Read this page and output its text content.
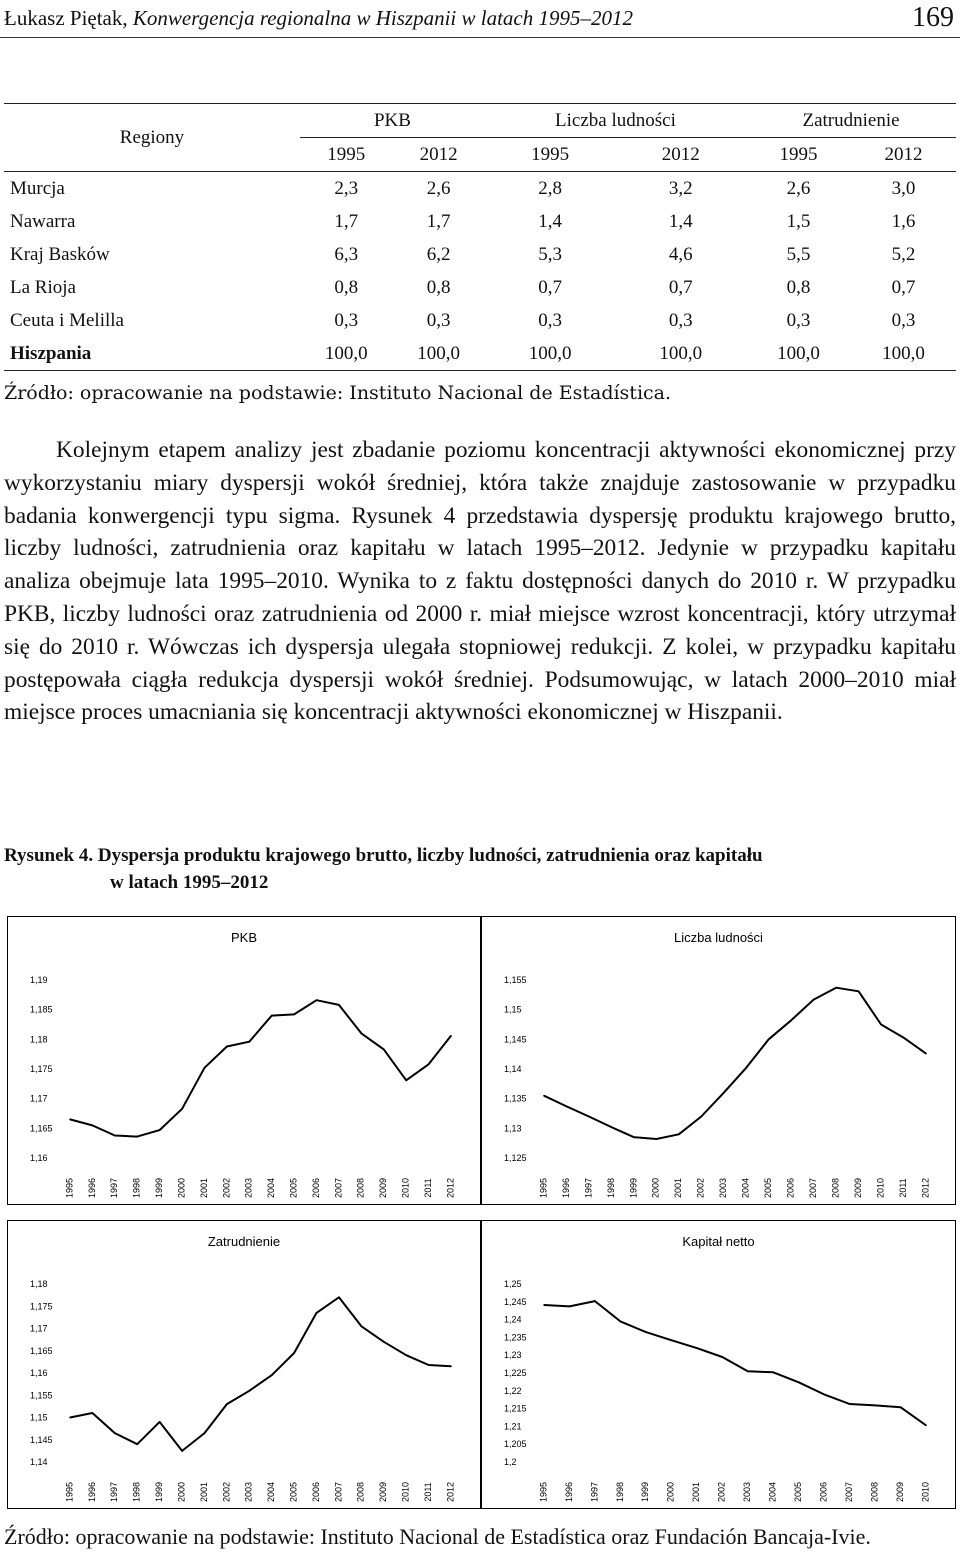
Łukasz Piętak, Konwergencja regionalna w Hiszpanii w latach 1995–2012	169
Regiony	PKB		Liczba ludności		Zatrudnienie	
	1995	2012	1995	2012	1995	2012
Murcja	2,3	2,6	2,8	3,2	2,6	3,0
Nawarra	1,7	1,7	1,4	1,4	1,5	1,6
Kraj Basków	6,3	6,2	5,3	4,6	5,5	5,2
La Rioja	0,8	0,8	0,7	0,7	0,8	0,7
Ceuta i Melilla	0,3	0,3	0,3	0,3	0,3	0,3
Hiszpania	100,0	100,0	100,0	100,0	100,0	100,0
Źródło: opracowanie na podstawie: Instituto Nacional de Estadística.

Kolejnym etapem analizy jest zbadanie poziomu koncentracji aktywności ekonomicznej przy wykorzystaniu miary dyspersji wokół średniej, która także znajduje zastosowanie w przypadku badania konwergencji typu sigma. Rysunek 4 przedstawia dyspersję produktu krajowego brutto, liczby ludności, zatrudnienia oraz kapitału w latach 1995–2012. Jedynie w przypadku kapitału analiza obejmuje lata 1995–2010. Wynika to z faktu dostępności danych do 2010 r. W przypadku PKB, liczby ludności oraz zatrudnienia od 2000 r. miał miejsce wzrost koncentracji, który utrzymał się do 2010 r. Wówczas ich dyspersja ulegała stopniowej redukcji. Z kolei, w przypadku kapitału postępowała ciągła redukcja dyspersji wokół średniej. Podsumowując, w latach 2000–2010 miał miejsce proces umacniania się koncentracji aktywności ekonomicznej w Hiszpanii.

Rysunek 4. Dyspersja produktu krajowego brutto, liczby ludności, zatrudnienia oraz kapitału
w latach 1995–2012
PKB
1,16
1,165
1,17
1,175
1,18
1,185
1,19
1995 1996 1997 1998 1999 2000 2001 2002 2003 2004 2005 2006 2007 2008 2009 2010 2011 2012
Liczba ludności
1,125
1,13
1,135
1,14
1,145
1,15
1,155
1995 1996 1997 1998 1999 2000 2001 2002 2003 2004 2005 2006 2007 2008 2009 2010 2011 2012
Zatrudnienie
1,14
1,145
1,15
1,155
1,16
1,165
1,17
1,175
1,18
1995 1996 1997 1998 1999 2000 2001 2002 2003 2004 2005 2006 2007 2008 2009 2010 2011 2012
Kapitał netto
1,2
1,205
1,21
1,215
1,22
1,225
1,23
1,235
1,24
1,245
1,25
1995 1996 1997 1998 1999 2000 2001 2002 2003 2004 2005 2006 2007 2008 2009 2010
Źródło: opracowanie na podstawie: Instituto Nacional de Estadística oraz Fundación Bancaja-Ivie.
